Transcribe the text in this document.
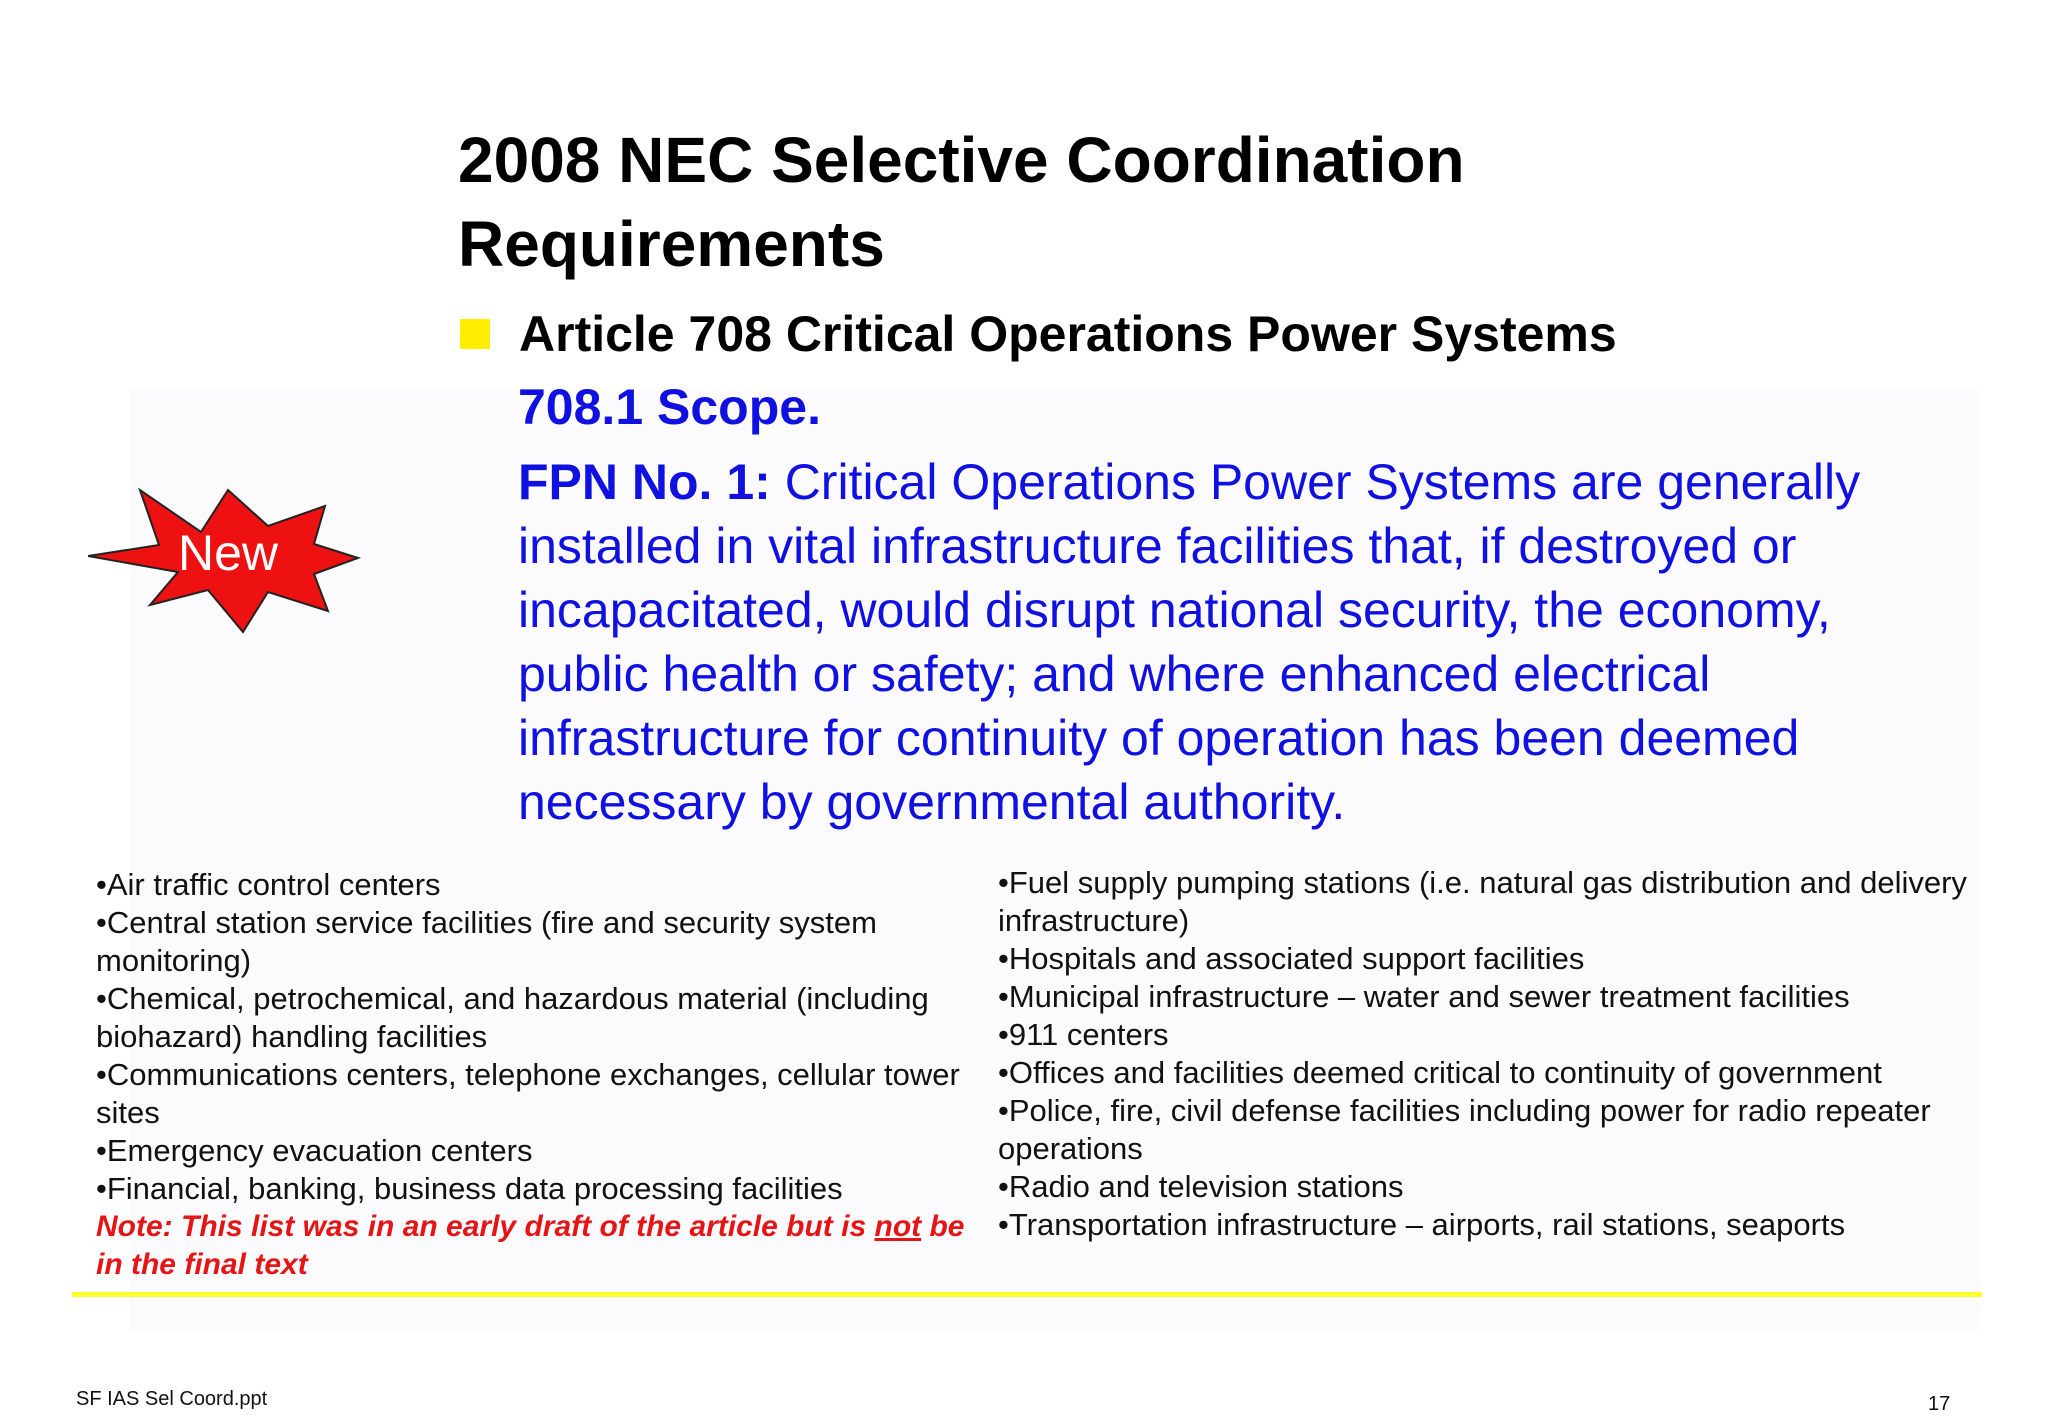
2008 NEC Selective Coordination Requirements
Article 708 Critical Operations Power Systems
708.1 Scope.
FPN No. 1: Critical Operations Power Systems are generally installed in vital infrastructure facilities that, if destroyed or incapacitated, would disrupt national security, the economy, public health or safety; and where enhanced electrical infrastructure for continuity of operation has been deemed necessary by governmental authority.
New
•Air traffic control centers
•Central station service facilities (fire and security system monitoring)
•Chemical, petrochemical, and hazardous material (including biohazard) handling facilities
•Communications centers, telephone exchanges, cellular tower sites
•Emergency evacuation centers
•Financial, banking, business data processing facilities
Note: This list was in an early draft of the article but is not be in the final text
•Fuel supply pumping stations (i.e. natural gas distribution and delivery infrastructure)
•Hospitals and associated support facilities
•Municipal infrastructure – water and sewer treatment facilities
•911 centers
•Offices and facilities deemed critical to continuity of government
•Police, fire, civil defense facilities including power for radio repeater operations
•Radio and television stations
•Transportation infrastructure – airports, rail stations, seaports
SF IAS Sel Coord.ppt	17
